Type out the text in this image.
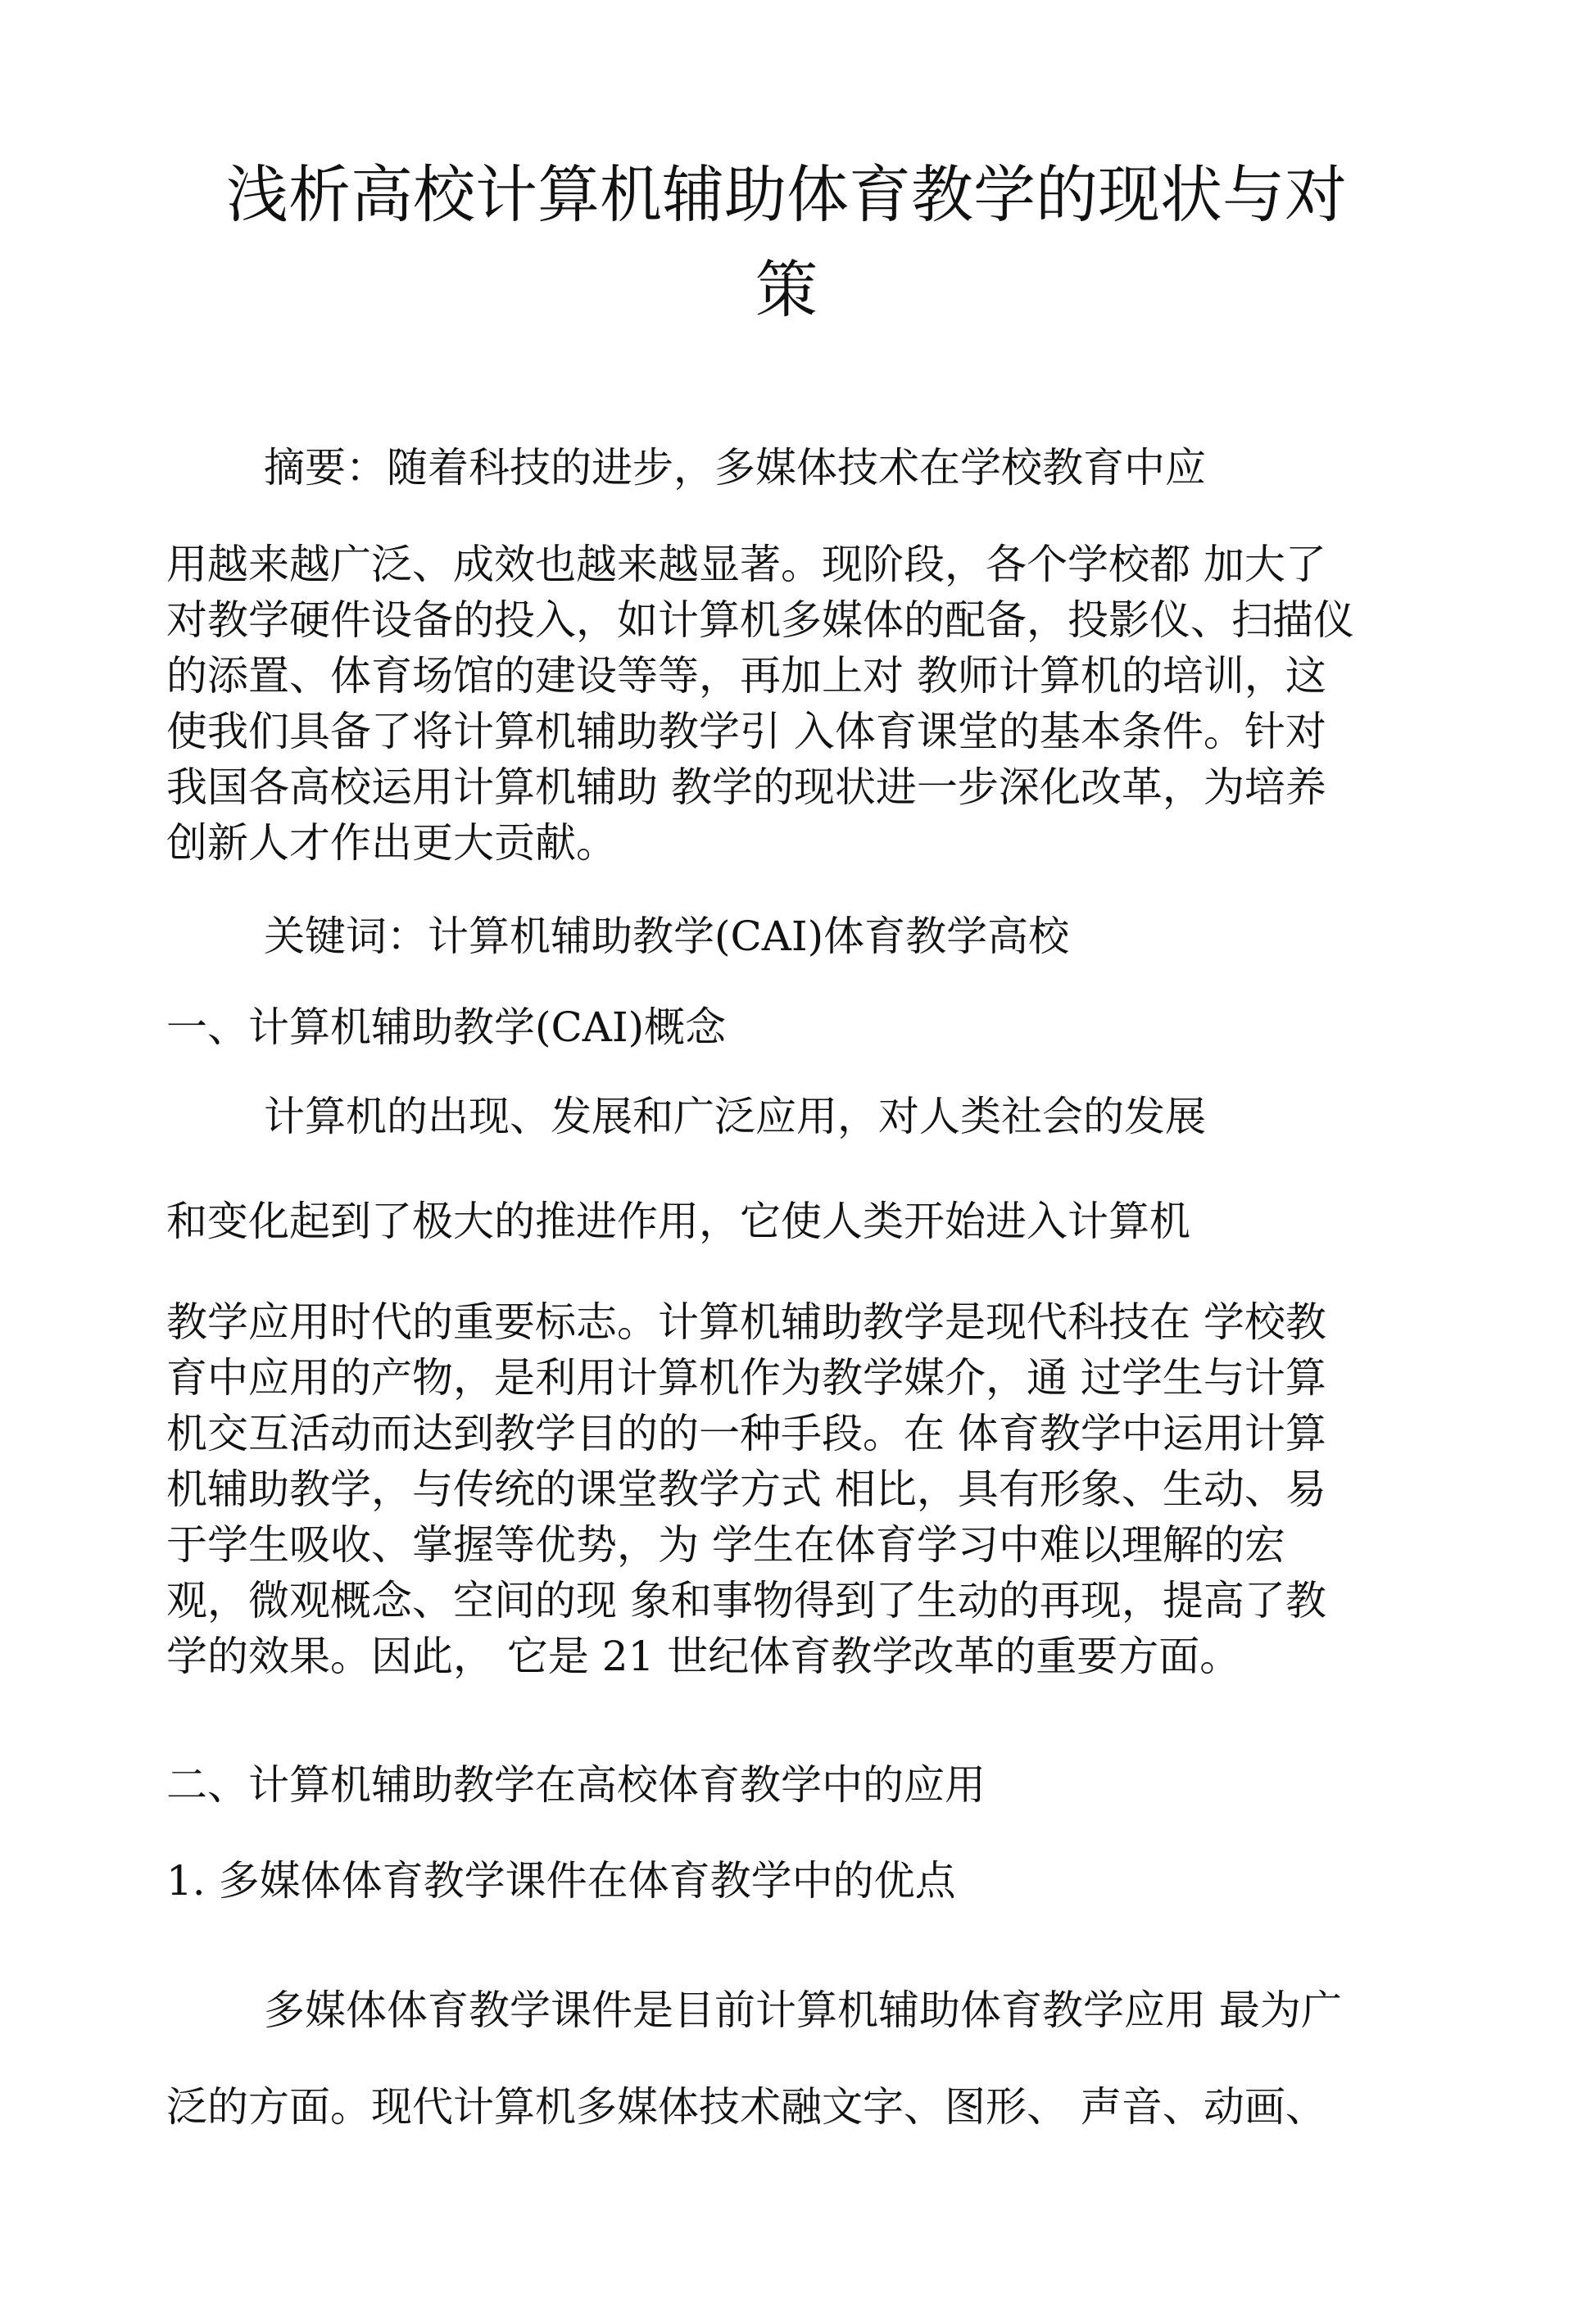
浅析高校计算机辅助体育教学的现状与对
策
摘要：随着科技的进步，多媒体技术在学校教育中应
用越来越广泛、成效也越来越显著。现阶段，各个学校都 加大了
对教学硬件设备的投入，如计算机多媒体的配备，投影仪、扫描仪
的添置、体育场馆的建设等等，再加上对 教师计算机的培训，这
使我们具备了将计算机辅助教学引 入体育课堂的基本条件。针对
我国各高校运用计算机辅助 教学的现状进一步深化改革，为培养
创新人才作出更大贡献。
关键词：计算机辅助教学(CAI)体育教学高校
一、计算机辅助教学(CAI)概念
计算机的出现、发展和广泛应用，对人类社会的发展
和变化起到了极大的推进作用，它使人类开始进入计算机
教学应用时代的重要标志。计算机辅助教学是现代科技在 学校教
育中应用的产物，是利用计算机作为教学媒介，通 过学生与计算
机交互活动而达到教学目的的一种手段。在 体育教学中运用计算
机辅助教学，与传统的课堂教学方式 相比，具有形象、生动、易
于学生吸收、掌握等优势，为 学生在体育学习中难以理解的宏
观，微观概念、空间的现 象和事物得到了生动的再现，提高了教
学的效果。因此， 它是 21 世纪体育教学改革的重要方面。
二、计算机辅助教学在高校体育教学中的应用
1. 多媒体体育教学课件在体育教学中的优点
多媒体体育教学课件是目前计算机辅助体育教学应用 最为广
泛的方面。现代计算机多媒体技术融文字、图形、 声音、动画、
